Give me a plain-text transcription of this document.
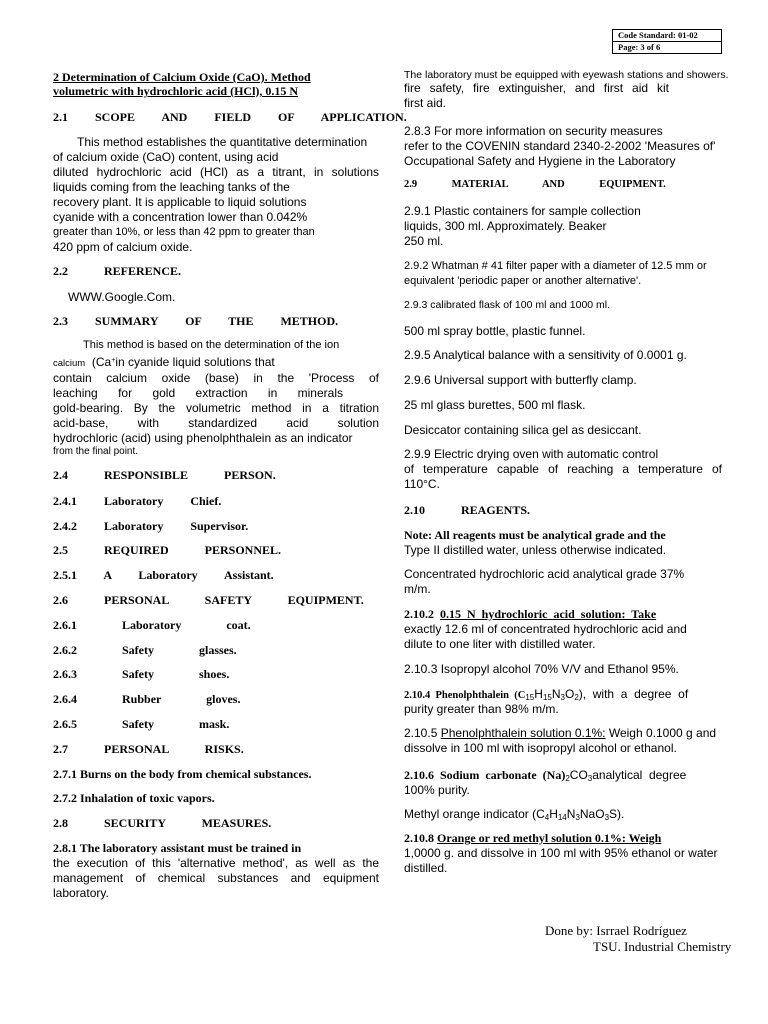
Code Standard: 01-02
Page: 3 of 6
2 Determination of Calcium Oxide (CaO). Method
volumetric with hydrochloric acid (HCl), 0.15 N
2.1   SCOPE   AND   FIELD   OF   APPLICATION.
This method establishes the quantitative determination
of calcium oxide (CaO) content, using acid
diluted hydrochloric acid (HCl) as a titrant, in solutions
liquids coming from the leaching tanks of the
recovery plant. It is applicable to liquid solutions
cyanide with a concentration lower than 0.042%
greater than 10%, or less than 42 ppm to greater than
420 ppm of calcium oxide.
2.2    REFERENCE.
WWW.Google.Com.
2.3   SUMMARY   OF   THE   METHOD.
This method is based on the determination of the ion
calcium (Ca+in cyanide liquid solutions that
contain calcium oxide (base) in the 'Process of
leaching for gold extraction in minerals
gold-bearing. By the volumetric method in a titration
acid-base, with standardized acid solution
hydrochloric (acid) using phenolphthalein as an indicator
from the final point.
2.4    RESPONSIBLE    PERSON.
2.4.1   Laboratory   Chief.
2.4.2   Laboratory   Supervisor.
2.5    REQUIRED    PERSONNEL.
2.5.1   A   Laboratory   Assistant.
2.6    PERSONAL    SAFETY    EQUIPMENT.
2.6.1     Laboratory     coat.
2.6.2     Safety     glasses.
2.6.3     Safety     shoes.
2.6.4     Rubber     gloves.
2.6.5     Safety     mask.
2.7    PERSONAL    RISKS.
2.7.1 Burns on the body from chemical substances.
2.7.2 Inhalation of toxic vapors.
2.8    SECURITY    MEASURES.
2.8.1 The laboratory assistant must be trained in
the execution of this 'alternative method', as well as the
management of chemical substances and equipment
laboratory.
The laboratory must be equipped with eyewash stations and showers.
fire safety, fire extinguisher, and first aid kit
first aid.
2.8.3 For more information on security measures
refer to the COVENIN standard 2340-2-2002 'Measures of'
Occupational Safety and Hygiene in the Laboratory
2.9    MATERIAL    AND    EQUIPMENT.
2.9.1 Plastic containers for sample collection
liquids, 300 ml. Approximately. Beaker
250 ml.
2.9.2 Whatman # 41 filter paper with a diameter of 12.5 mm or
equivalent 'periodic paper or another alternative'.
2.9.3 calibrated flask of 100 ml and 1000 ml.
500 ml spray bottle, plastic funnel.
2.9.5 Analytical balance with a sensitivity of 0.0001 g.
2.9.6 Universal support with butterfly clamp.
25 ml glass burettes, 500 ml flask.
Desiccator containing silica gel as desiccant.
2.9.9 Electric drying oven with automatic control
of temperature capable of reaching a temperature of
110°C.
2.10    REAGENTS.
Note: All reagents must be analytical grade and the
Type II distilled water, unless otherwise indicated.
Concentrated hydrochloric acid analytical grade 37%
m/m.
2.10.2 0.15  N  hydrochloric  acid  solution:  Take
exactly 12.6 ml of concentrated hydrochloric acid and
dilute to one liter with distilled water.
2.10.3 Isopropyl alcohol 70% V/V and Ethanol 95%.
2.10.4  Phenolphthalein  $(C_{15}H_{15}N_3O_2)$,  with  a  degree  of
purity greater than 98% m/m.
2.10.5 Phenolphthalein solution 0.1%: Weigh 0.1000 g and
dissolve in 100 ml with isopropyl alcohol or ethanol.
2.10.6  Sodium  carbonate  $(Na)_2CO_3analytical$  degree
100% purity.
Methyl orange indicator $(C_4H_{14}N_3NaO_3S)$.
2.10.8 Orange or red methyl solution 0.1%: Weigh
1,0000 g. and dissolve in 100 ml with 95% ethanol or water
distilled.
Done by: Isrrael Rodríguez
TSU. Industrial Chemistry
